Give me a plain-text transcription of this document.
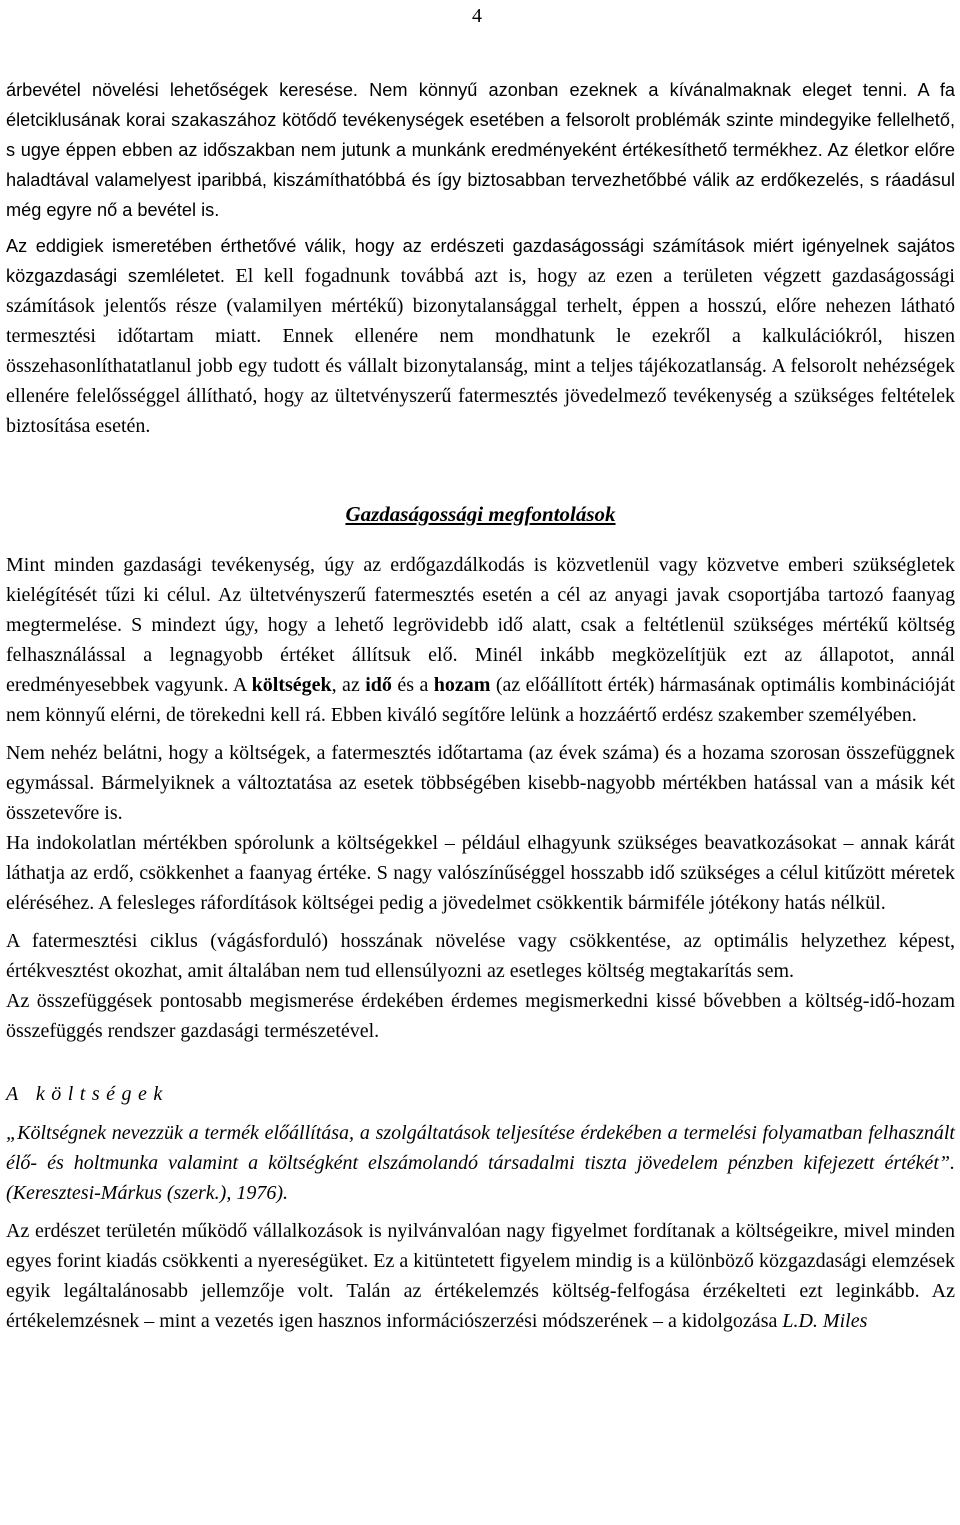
4

árbevétel növelési lehetőségek keresése. Nem könnyű azonban ezeknek a kívánalmaknak eleget tenni. A fa életciklusának korai szakaszához kötődő tevékenységek esetében a felsorolt problémák szinte mindegyike fellelhető, s ugye éppen ebben az időszakban nem jutunk a munkánk eredményeként értékesíthető termékhez. Az életkor előre haladtával valamelyest iparibbá, kiszámíthatóbbá és így biztosabban tervezhetőbbé válik az erdőkezelés, s ráadásul még egyre nő a bevétel is.

Az eddigiek ismeretében érthetővé válik, hogy az erdészeti gazdaságossági számítások miért igényelnek sajátos közgazdasági szemléletet. El kell fogadnunk továbbá azt is, hogy az ezen a területen végzett gazdaságossági számítások jelentős része (valamilyen mértékű) bizonytalansággal terhelt, éppen a hosszú, előre nehezen látható termesztési időtartam miatt. Ennek ellenére nem mondhatunk le ezekről a kalkulációkról, hiszen összehasonlíthatatlanul jobb egy tudott és vállalt bizonytalanság, mint a teljes tájékozatlanság. A felsorolt nehézségek ellenére felelősséggel állítható, hogy az ültetvényszerű fatermesztés jövedelmező tevékenység a szükséges feltételek biztosítása esetén.

Gazdaságossági megfontolások

Mint minden gazdasági tevékenység, úgy az erdőgazdálkodás is közvetlenül vagy közvetve emberi szükségletek kielégítését tűzi ki célul. Az ültetvényszerű fatermesztés esetén a cél az anyagi javak csoportjába tartozó faanyag megtermelése. S mindezt úgy, hogy a lehető legrövidebb idő alatt, csak a feltétlenül szükséges mértékű költség felhasználással a legnagyobb értéket állítsuk elő. Minél inkább megközelítjük ezt az állapotot, annál eredményesebbek vagyunk. A költségek, az idő és a hozam (az előállított érték) hármasának optimális kombinációját nem könnyű elérni, de törekedni kell rá. Ebben kiváló segítőre lelünk a hozzáértő erdész szakember személyében.

Nem nehéz belátni, hogy a költségek, a fatermesztés időtartama (az évek száma) és a hozama szorosan összefüggnek egymással. Bármelyiknek a változtatása az esetek többségében kisebb-nagyobb mértékben hatással van a másik két összetevőre is.

Ha indokolatlan mértékben spórolunk a költségekkel – például elhagyunk szükséges beavatkozásokat – annak kárát láthatja az erdő, csökkenhet a faanyag értéke. S nagy valószínűséggel hosszabb idő szükséges a célul kitűzött méretek eléréséhez. A felesleges ráfordítások költségei pedig a jövedelmet csökkentik bármiféle jótékony hatás nélkül.

A fatermesztési ciklus (vágásforduló) hosszának növelése vagy csökkentése, az optimális helyzethez képest, értékvesztést okozhat, amit általában nem tud ellensúlyozni az esetleges költség megtakarítás sem.

Az összefüggések pontosabb megismerése érdekében érdemes megismerkedni kissé bővebben a költség-idő-hozam összefüggés rendszer gazdasági természetével.

A költségek

„Költségnek nevezzük a termék előállítása, a szolgáltatások teljesítése érdekében a termelési folyamatban felhasznált élő- és holtmunka valamint a költségként elszámolandó társadalmi tiszta jövedelem pénzben kifejezett értékét”. (Keresztesi-Márkus (szerk.), 1976).

Az erdészet területén működő vállalkozások is nyilvánvalóan nagy figyelmet fordítanak a költségeikre, mivel minden egyes forint kiadás csökkenti a nyereségüket. Ez a kitüntetett figyelem mindig is a különböző közgazdasági elemzések egyik legáltalánosabb jellemzője volt. Talán az értékelemzés költség-felfogása érzékelteti ezt leginkább. Az értékelemzésnek – mint a vezetés igen hasznos információszerzési módszerének – a kidolgozása L.D. Miles
